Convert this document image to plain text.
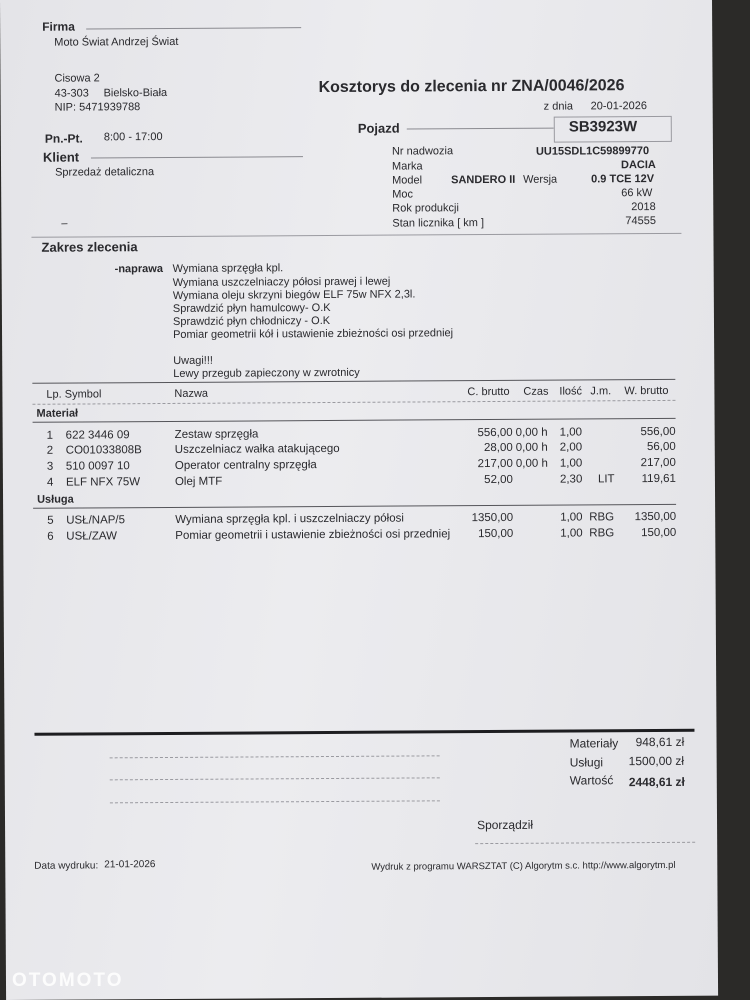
Firma
Moto Świat Andrzej Świat
Cisowa 2
43-303 Bielsko-Biała
NIP: 5471939788
Pn.-Pt. 8:00 - 17:00
Klient
Sprzedaż detaliczna
–
Kosztorys do zlecenia nr ZNA/0046/2026
z dnia 20-01-2026
Pojazd	SB3923W
Nr nadwozia	UU15SDL1C59899770
Marka	DACIA
Model	SANDERO II Wersja	0.9 TCE 12V
Moc	66 kW
Rok produkcji	2018
Stan licznika [ km ]	74555
Zakres zlecenia
-naprawa Wymiana sprzęgła kpl.
Wymiana uszczelniaczy półosi prawej i lewej
Wymiana oleju skrzyni biegów ELF 75w NFX 2,3l.
Sprawdzić płyn hamulcowy- O.K
Sprawdzić płyn chłodniczy - O.K
Pomiar geometrii kół i ustawienie zbieżności osi przedniej
Uwagi!!!
Lewy przegub zapieczony w zwrotnicy
Lp. Symbol	Nazwa	C. brutto Czas Ilość J.m. W. brutto
Materiał
1 622 3446 09	Zestaw sprzęgła	556,00 0,00 h 1,00	556,00
2 CO01033808B	Uszczelniacz wałka atakującego	28,00 0,00 h 2,00	56,00
3 510 0097 10	Operator centralny sprzęgła	217,00 0,00 h 1,00	217,00
4 ELF NFX 75W	Olej MTF	52,00	2,30 LIT	119,61
Usługa
5 USŁ/NAP/5	Wymiana sprzęgła kpl. i uszczelniaczy półosi	1350,00	1,00 RBG	1350,00
6 USŁ/ZAW	Pomiar geometrii i ustawienie zbieżności osi przedniej	150,00	1,00 RBG	150,00
Materiały 948,61 zł
Usługi 1500,00 zł
Wartość 2448,61 zł
Sporządził
Data wydruku: 21-01-2026	Wydruk z programu WARSZTAT (C) Algorytm s.c. http://www.algorytm.pl
OTOMOTO
